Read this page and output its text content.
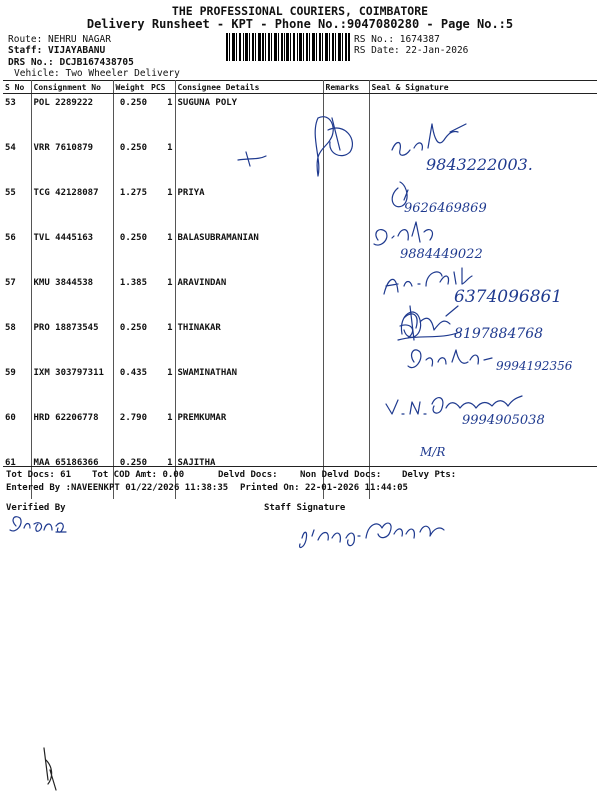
THE PROFESSIONAL COURIERS, COIMBATORE
Delivery Runsheet - KPT - Phone No.:9047080280 - Page No.:5
Route: NEHRU NAGAR
Staff: VIJAYABANU
DRS No.: DCJB167438705
Vehicle: Two Wheeler Delivery
RS No.: 1674387
RS Date: 22-Jan-2026
S No	Consignment No	Weight	PCS	Consignee Details	Remarks	Seal & Signature
53	POL 2289222	0.250	1	SUGUNA POLY		
54	VRR 7610879	0.250	1			
55	TCG 42128087	1.275	1	PRIYA		
56	TVL 4445163	0.250	1	BALASUBRAMANIAN		
57	KMU 3844538	1.385	1	ARAVINDAN		
58	PRO 18873545	0.250	1	THINAKAR		
59	IXM 303797311	0.435	1	SWAMINATHAN		
60	HRD 62206778	2.790	1	PREMKUMAR		
61	MAA 65186366	0.250	1	SAJITHA		
Tot Docs: 61 Tot COD Amt: 0.00	Delvd Docs: Non Delvd Docs: Delvy Pts:
Entered By :NAVEENKPT 01/22/2026 11:38:35 Printed On: 22-01-2026 11:44:05
Verified By	Staff Signature
9843222003.
9626469869
9884449022
6374096861
8197884768
9994192356
9994905038
M/R
